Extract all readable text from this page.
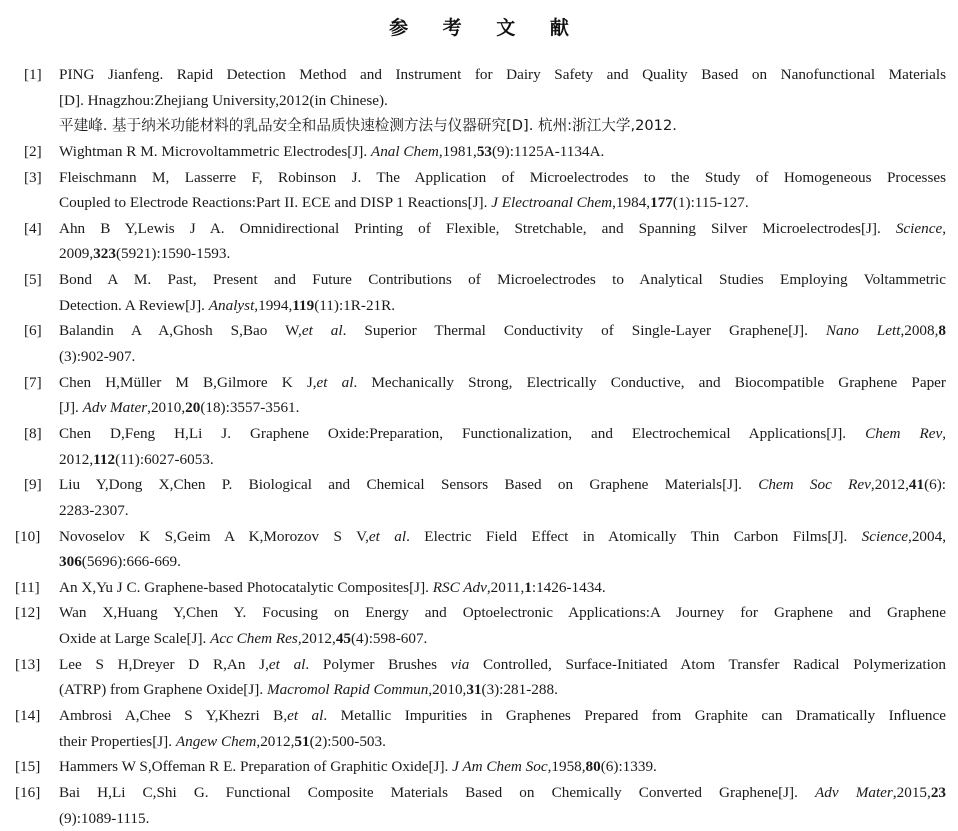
参 考 文 献
[1] PING Jianfeng. Rapid Detection Method and Instrument for Dairy Safety and Quality Based on Nanofunctional Materials
[D]. Hnagzhou:Zhejiang University,2012(in Chinese).
平建峰. 基于纳米功能材料的乳品安全和品质快速检测方法与仪器研究[D]. 杭州:浙江大学,2012.
[2] Wightman R M. Microvoltammetric Electrodes[J]. Anal Chem,1981,53(9):1125A-1134A.
[3] Fleischmann M, Lasserre F, Robinson J. The Application of Microelectrodes to the Study of Homogeneous Processes
Coupled to Electrode Reactions:Part II. ECE and DISP 1 Reactions[J]. J Electroanal Chem,1984,177(1):115-127.
[4] Ahn B Y,Lewis J A. Omnidirectional Printing of Flexible, Stretchable, and Spanning Silver Microelectrodes[J]. Science,
2009,323(5921):1590-1593.
[5] Bond A M. Past, Present and Future Contributions of Microelectrodes to Analytical Studies Employing Voltammetric
Detection. A Review[J]. Analyst,1994,119(11):1R-21R.
[6] Balandin A A,Ghosh S,Bao W,et al. Superior Thermal Conductivity of Single-Layer Graphene[J]. Nano Lett,2008,8
(3):902-907.
[7] Chen H,Müller M B,Gilmore K J,et al. Mechanically Strong, Electrically Conductive, and Biocompatible Graphene Paper
[J]. Adv Mater,2010,20(18):3557-3561.
[8] Chen D,Feng H,Li J. Graphene Oxide:Preparation, Functionalization, and Electrochemical Applications[J]. Chem Rev,
2012,112(11):6027-6053.
[9] Liu Y,Dong X,Chen P. Biological and Chemical Sensors Based on Graphene Materials[J]. Chem Soc Rev,2012,41(6):
2283-2307.
[10] Novoselov K S,Geim A K,Morozov S V,et al. Electric Field Effect in Atomically Thin Carbon Films[J]. Science,2004,
306(5696):666-669.
[11] An X,Yu J C. Graphene-based Photocatalytic Composites[J]. RSC Adv,2011,1:1426-1434.
[12] Wan X,Huang Y,Chen Y. Focusing on Energy and Optoelectronic Applications:A Journey for Graphene and Graphene
Oxide at Large Scale[J]. Acc Chem Res,2012,45(4):598-607.
[13] Lee S H,Dreyer D R,An J,et al. Polymer Brushes via Controlled, Surface-Initiated Atom Transfer Radical Polymerization
(ATRP) from Graphene Oxide[J]. Macromol Rapid Commun,2010,31(3):281-288.
[14] Ambrosi A,Chee S Y,Khezri B,et al. Metallic Impurities in Graphenes Prepared from Graphite can Dramatically Influence
their Properties[J]. Angew Chem,2012,51(2):500-503.
[15] Hammers W S,Offeman R E. Preparation of Graphitic Oxide[J]. J Am Chem Soc,1958,80(6):1339.
[16] Bai H,Li C,Shi G. Functional Composite Materials Based on Chemically Converted Graphene[J]. Adv Mater,2015,23
(9):1089-1115.
